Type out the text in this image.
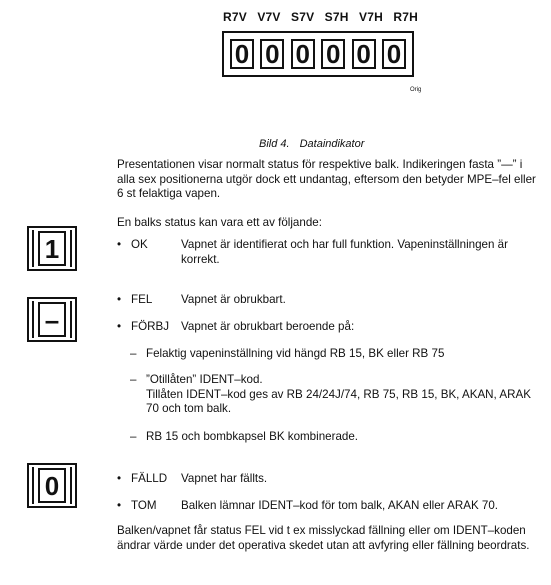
R7V V7V S7V S7H V7H R7H
0 0 0 0 0 0
Orig
Bild 4. Dataindikator
Presentationen visar normalt status för respektive balk. Indikeringen fasta ”—” i alla sex positionerna utgör dock ett undantag, eftersom den betyder MPE–fel eller 6 st felaktiga vapen.
En balks status kan vara ett av följande:
• OK	Vapnet är identifierat och har full funktion. Vapeninställningen är korrekt.
• FEL	Vapnet är obrukbart.
• FÖRBJ	Vapnet är obrukbart beroende på:
– Felaktig vapeninställning vid hängd RB 15, BK eller RB 75
– ”Otillåten” IDENT–kod.
Tillåten IDENT–kod ges av RB 24/24J/74, RB 75, RB 15, BK, AKAN, ARAK 70 och tom balk.
– RB 15 och bombkapsel BK kombinerade.
• FÄLLD	Vapnet har fällts.
• TOM	Balken lämnar IDENT–kod för tom balk, AKAN eller ARAK 70.
Balken/vapnet får status FEL vid t ex misslyckad fällning eller om IDENT–koden ändrar värde under det operativa skedet utan att avfyring eller fällning beordrats.
1
–
0
